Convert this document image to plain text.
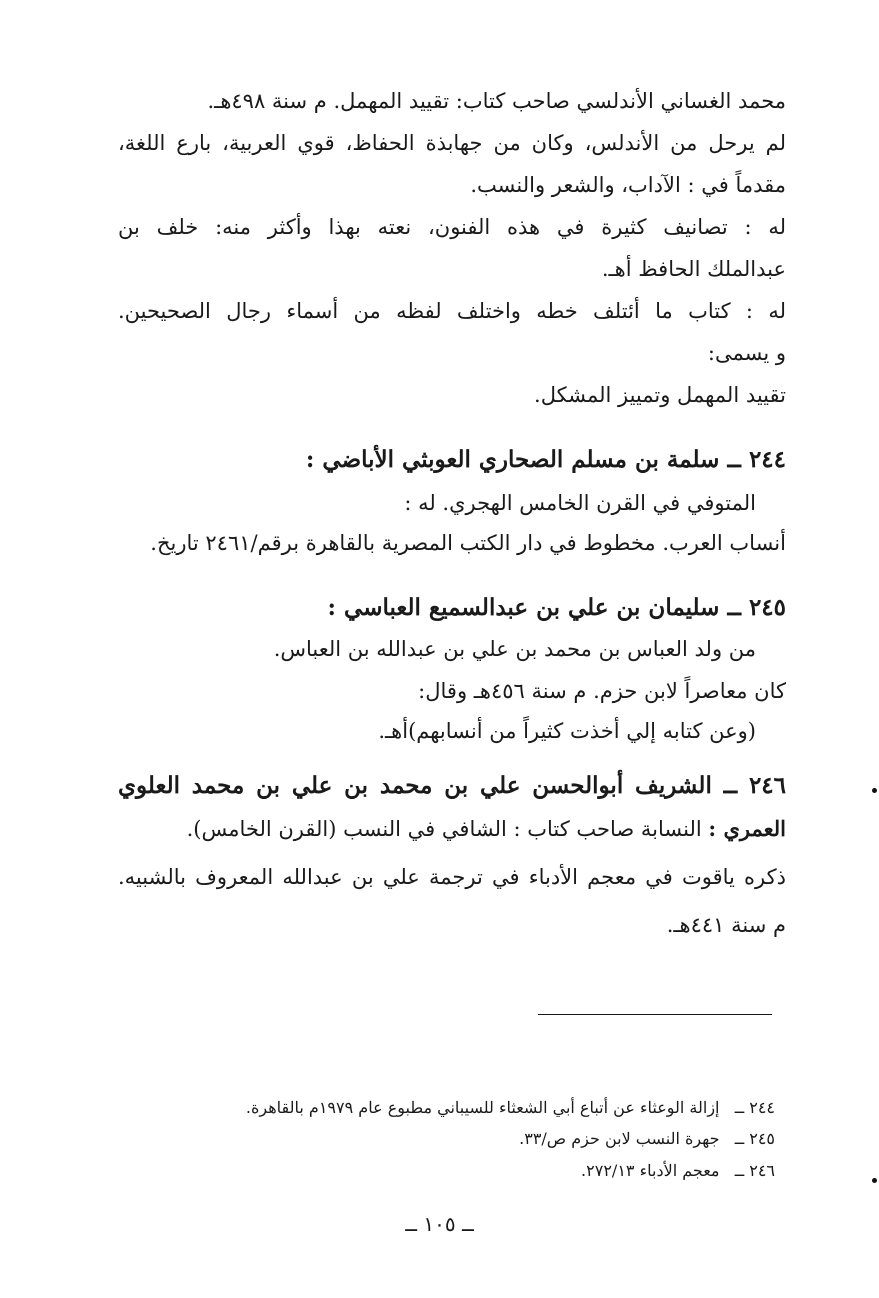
محمد الغساني الأندلسي صاحب كتاب: تقييد المهمل. م سنة ٤٩٨هـ.
لم يرحل من الأندلس، وكان من جهابذة الحفاظ، قوي العربية، بارع اللغة،
مقدماً في : الآداب، والشعر والنسب.
له : تصانيف كثيرة في هذه الفنون، نعته بهذا وأكثر منه: خلف بن
عبدالملك الحافظ أهـ.
له : كتاب ما أئتلف خطه واختلف لفظه من أسماء رجال الصحيحين.
و يسمى:
تقييد المهمل وتمييز المشكل.
٢٤٤ ــ سلمة بن مسلم الصحاري العوبثي الأباضي :
المتوفي في القرن الخامس الهجري. له :
أنساب العرب. مخطوط في دار الكتب المصرية بالقاهرة برقم/٢٤٦١ تاريخ.
٢٤٥ ــ سليمان بن علي بن عبدالسميع العباسي :
من ولد العباس بن محمد بن علي بن عبدالله بن العباس.
كان معاصراً لابن حزم. م سنة ٤٥٦هـ وقال:
(وعن كتابه إلي أخذت كثيراً من أنسابهم)أهـ.
٢٤٦ ــ الشريف أبوالحسن علي بن محمد بن علي بن محمد العلوي
العمري : النسابة صاحب كتاب : الشافي في النسب (القرن الخامس).
ذكره ياقوت في معجم الأدباء في ترجمة علي بن عبدالله المعروف بالشبيه.
م سنة ٤٤١هـ.
٢٤٤ ــ   إزالة الوعثاء عن أتباع أبي الشعثاء للسيباني مطبوع عام ١٩٧٩م بالقاهرة.
٢٤٥ ــ   جهرة النسب لابن حزم ص/٣٣.
٢٤٦ ــ   معجم الأدباء ٢٧٢/١٣.
ــ ١٠٥ ــ
